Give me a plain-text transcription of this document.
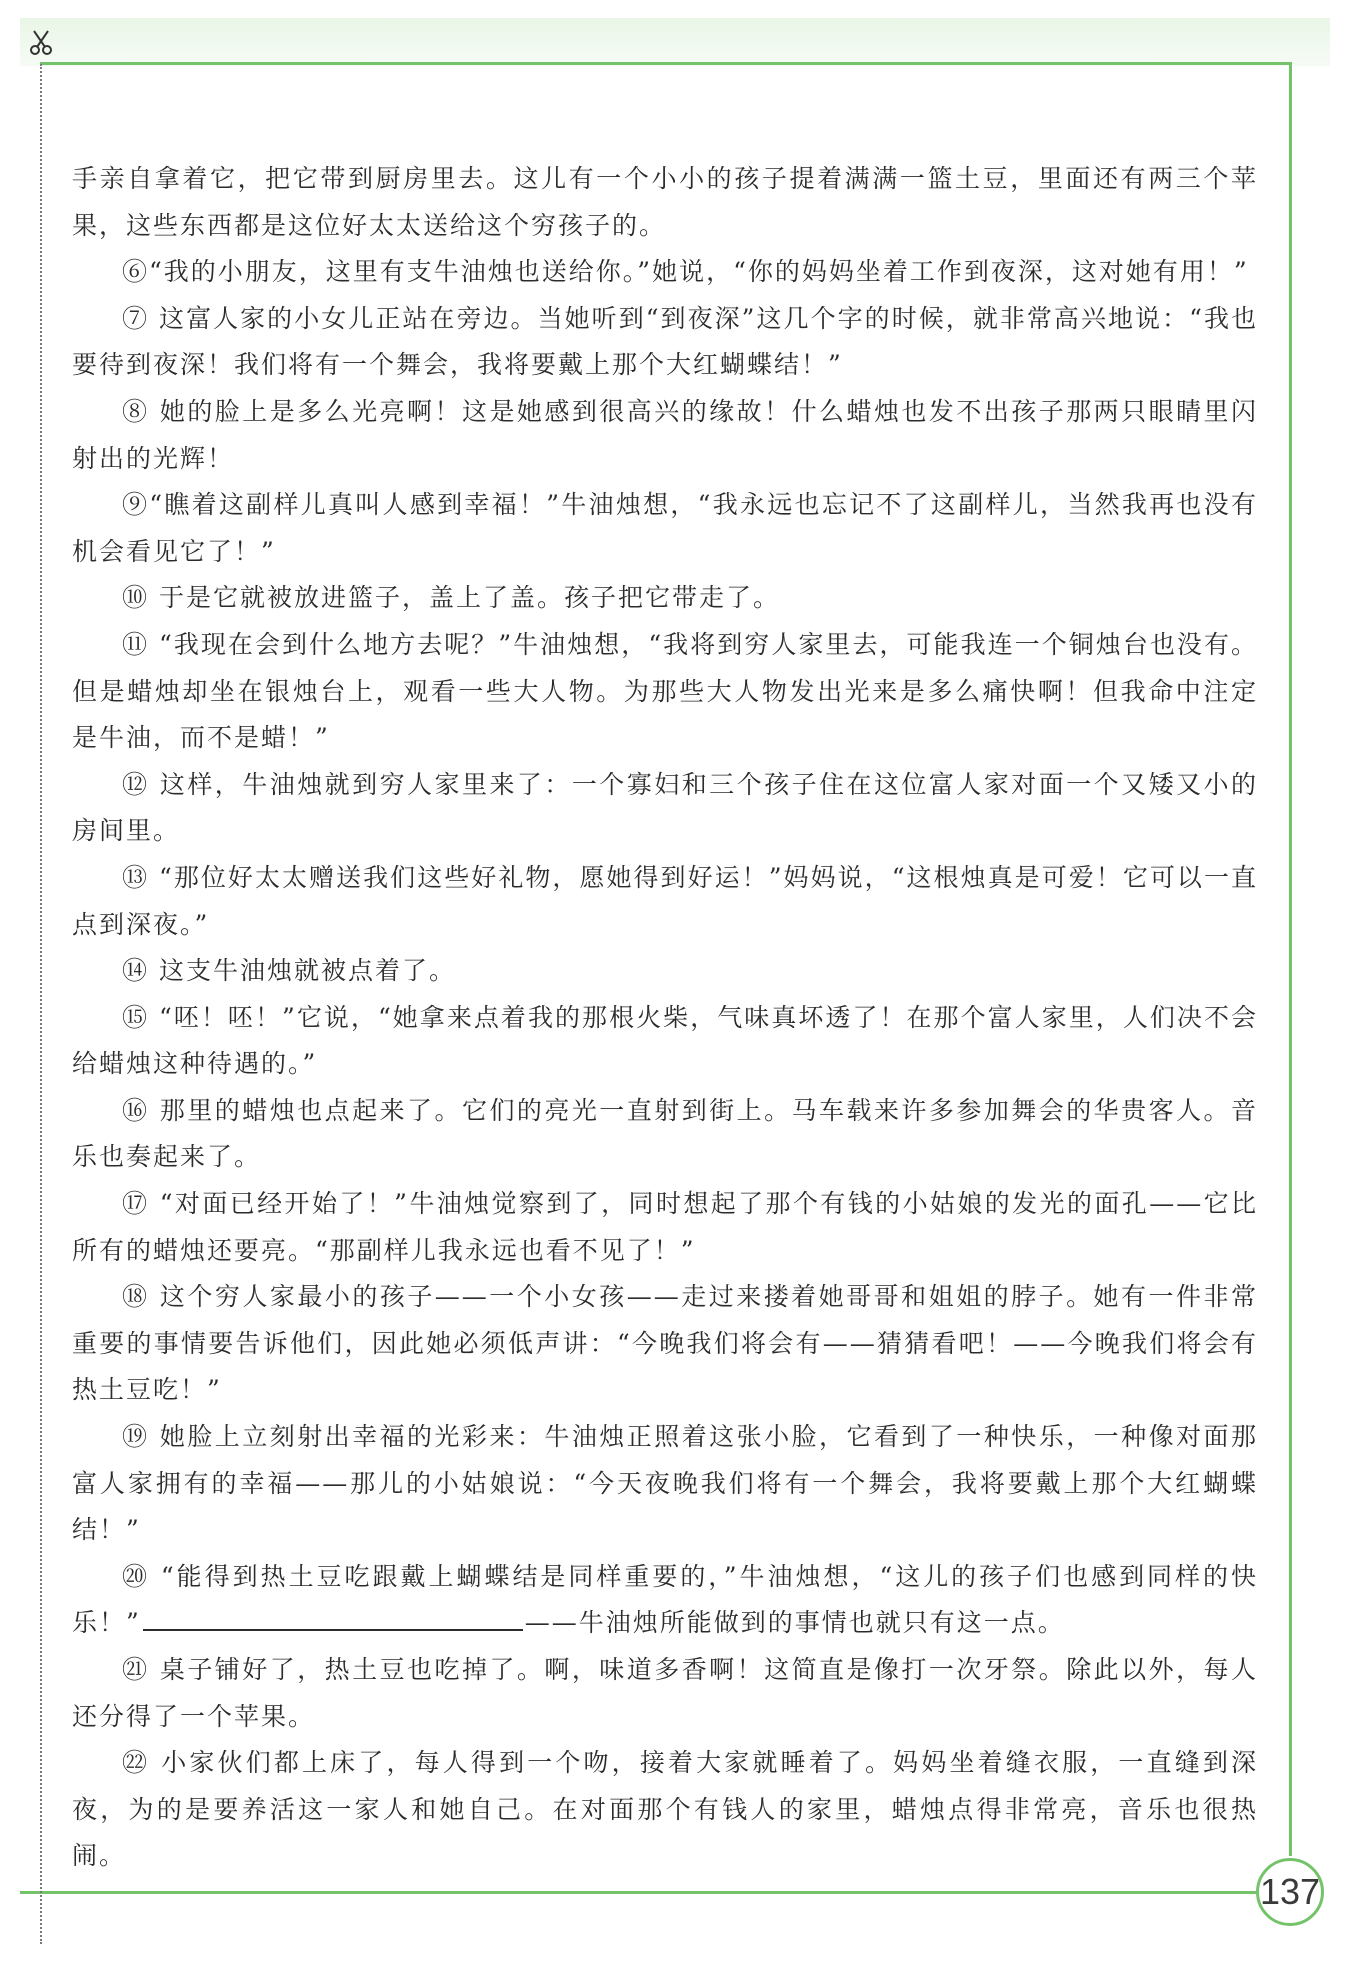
手亲自拿着它，把它带到厨房里去。这儿有一个小小的孩子提着满满一篮土豆，里面还有两三个苹果，这些东西都是这位好太太送给这个穷孩子的。

⑥“我的小朋友，这里有支牛油烛也送给你。”她说，“你的妈妈坐着工作到夜深，这对她有用！”

⑦ 这富人家的小女儿正站在旁边。当她听到“到夜深”这几个字的时候，就非常高兴地说：“我也要待到夜深！我们将有一个舞会，我将要戴上那个大红蝴蝶结！”

⑧ 她的脸上是多么光亮啊！这是她感到很高兴的缘故！什么蜡烛也发不出孩子那两只眼睛里闪射出的光辉！

⑨“瞧着这副样儿真叫人感到幸福！”牛油烛想，“我永远也忘记不了这副样儿，当然我再也没有机会看见它了！”

⑩ 于是它就被放进篮子，盖上了盖。孩子把它带走了。

⑪ “我现在会到什么地方去呢？”牛油烛想，“我将到穷人家里去，可能我连一个铜烛台也没有。但是蜡烛却坐在银烛台上，观看一些大人物。为那些大人物发出光来是多么痛快啊！但我命中注定是牛油，而不是蜡！”

⑫ 这样，牛油烛就到穷人家里来了：一个寡妇和三个孩子住在这位富人家对面一个又矮又小的房间里。

⑬ “那位好太太赠送我们这些好礼物，愿她得到好运！”妈妈说，“这根烛真是可爱！它可以一直点到深夜。”

⑭ 这支牛油烛就被点着了。

⑮ “呸！呸！”它说，“她拿来点着我的那根火柴，气味真坏透了！在那个富人家里，人们决不会给蜡烛这种待遇的。”

⑯ 那里的蜡烛也点起来了。它们的亮光一直射到街上。马车载来许多参加舞会的华贵客人。音乐也奏起来了。

⑰ “对面已经开始了！”牛油烛觉察到了，同时想起了那个有钱的小姑娘的发光的面孔——它比所有的蜡烛还要亮。“那副样儿我永远也看不见了！”

⑱ 这个穷人家最小的孩子——一个小女孩——走过来搂着她哥哥和姐姐的脖子。她有一件非常重要的事情要告诉他们，因此她必须低声讲：“今晚我们将会有——猜猜看吧！——今晚我们将会有热土豆吃！”

⑲ 她脸上立刻射出幸福的光彩来：牛油烛正照着这张小脸，它看到了一种快乐，一种像对面那富人家拥有的幸福——那儿的小姑娘说：“今天夜晚我们将有一个舞会，我将要戴上那个大红蝴蝶结！”

⑳ “能得到热土豆吃跟戴上蝴蝶结是同样重要的，”牛油烛想，“这儿的孩子们也感到同样的快乐！”	——牛油烛所能做到的事情也就只有这一点。

㉑ 桌子铺好了，热土豆也吃掉了。啊，味道多香啊！这简直是像打一次牙祭。除此以外，每人还分得了一个苹果。

㉒ 小家伙们都上床了，每人得到一个吻，接着大家就睡着了。妈妈坐着缝衣服，一直缝到深夜，为的是要养活这一家人和她自己。在对面那个有钱人的家里，蜡烛点得非常亮，音乐也很热闹。

137
